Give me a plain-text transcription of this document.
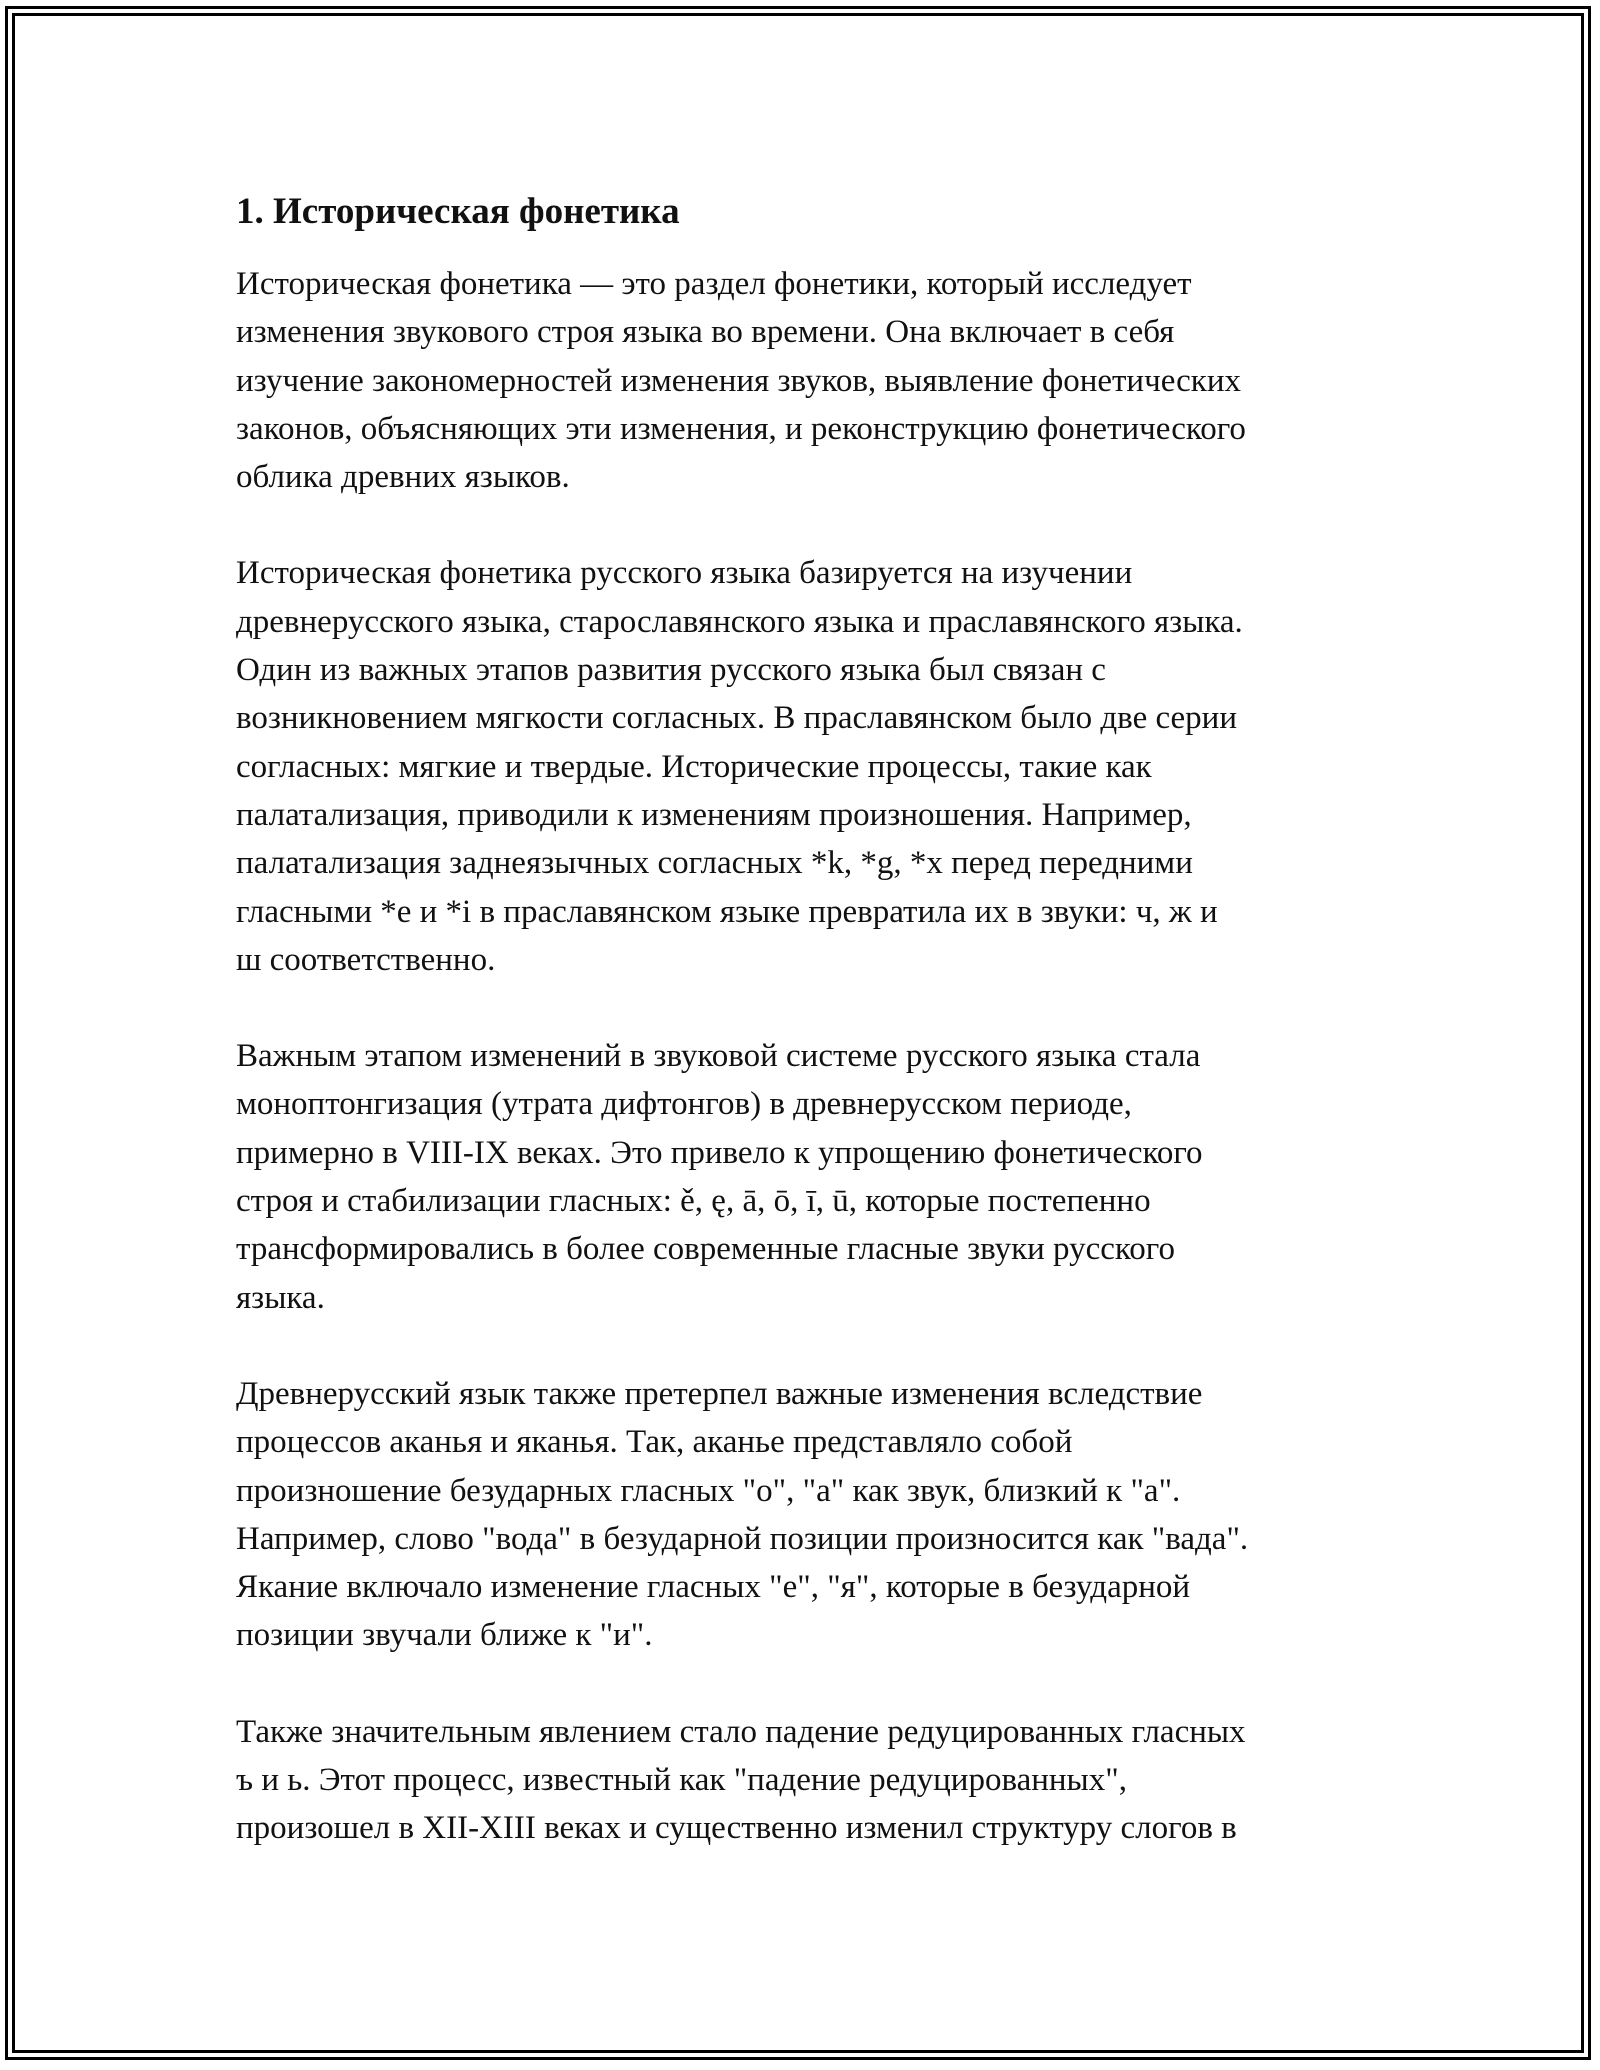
1. Историческая фонетика

Историческая фонетика — это раздел фонетики, который исследует
изменения звукового строя языка во времени. Она включает в себя
изучение закономерностей изменения звуков, выявление фонетических
законов, объясняющих эти изменения, и реконструкцию фонетического
облика древних языков.

Историческая фонетика русского языка базируется на изучении
древнерусского языка, старославянского языка и праславянского языка.
Один из важных этапов развития русского языка был связан с
возникновением мягкости согласных. В праславянском было две серии
согласных: мягкие и твердые. Исторические процессы, такие как
палатализация, приводили к изменениям произношения. Например,
палатализация заднеязычных согласных *k, *g, *x перед передними
гласными *e и *i в праславянском языке превратила их в звуки: ч, ж и
ш соответственно.

Важным этапом изменений в звуковой системе русского языка стала
моноптонгизация (утрата дифтонгов) в древнерусском периоде,
примерно в VIII-IX веках. Это привело к упрощению фонетического
строя и стабилизации гласных: ě, ę, ā, ō, ī, ū, которые постепенно
трансформировались в более современные гласные звуки русского
языка.

Древнерусский язык также претерпел важные изменения вследствие
процессов аканья и яканья. Так, аканье представляло собой
произношение безударных гласных "о", "а" как звук, близкий к "а".
Например, слово "вода" в безударной позиции произносится как "вада".
Якание включало изменение гласных "е", "я", которые в безударной
позиции звучали ближе к "и".

Также значительным явлением стало падение редуцированных гласных
ъ и ь. Этот процесс, известный как "падение редуцированных",
произошел в XII-XIII веках и существенно изменил структуру слогов в
